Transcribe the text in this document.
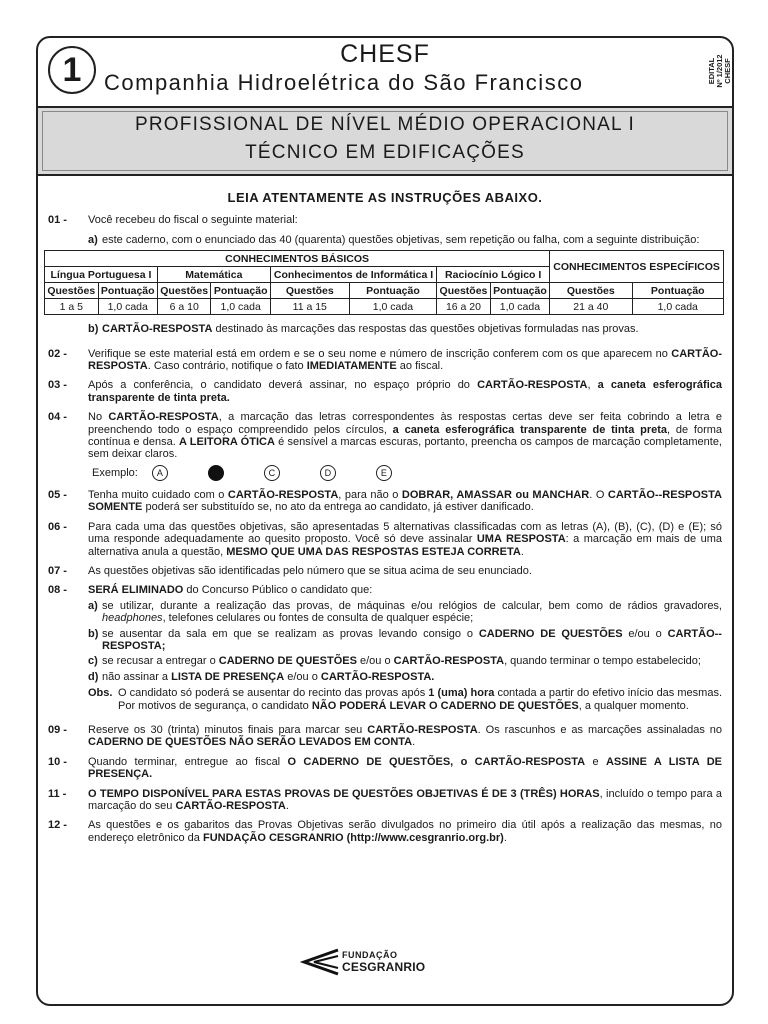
1	CHESF
Companhia Hidroelétrica do São Francisco	EDITAL
Nº 1/2012
CHESF
PROFISSIONAL DE NÍVEL MÉDIO OPERACIONAL I
TÉCNICO EM EDIFICAÇÕES
LEIA ATENTAMENTE AS INSTRUÇÕES ABAIXO.
01 -	Você recebeu do fiscal o seguinte material:
a) este caderno, com o enunciado das 40 (quarenta) questões objetivas, sem repetição ou falha, com a seguinte distribuição:
CONHECIMENTOS BÁSICOS								CONHECIMENTOS ESPECÍFICOS	
Língua Portuguesa I		Matemática		Conhecimentos de Informática I		Raciocínio Lógico I			
Questões	Pontuação	Questões	Pontuação	Questões	Pontuação	Questões	Pontuação	Questões	Pontuação
1 a 5	1,0 cada	6 a 10	1,0 cada	11 a 15	1,0 cada	16 a 20	1,0 cada	21 a 40	1,0 cada
b) CARTÃO-RESPOSTA destinado às marcações das respostas das questões objetivas formuladas nas provas.
02 -	Verifique se este material está em ordem e se o seu nome e número de inscrição conferem com os que aparecem no CARTÃO-RESPOSTA. Caso contrário, notifique o fato IMEDIATAMENTE ao fiscal.
03 -	Após a conferência, o candidato deverá assinar, no espaço próprio do CARTÃO-RESPOSTA, a caneta esferográfica transparente de tinta preta.
04 -	No CARTÃO-RESPOSTA, a marcação das letras correspondentes às respostas certas deve ser feita cobrindo a letra e preenchendo todo o espaço compreendido pelos círculos, a caneta esferográfica transparente de tinta preta, de forma contínua e densa. A LEITORA ÓTICA é sensível a marcas escuras, portanto, preencha os campos de marcação completamente, sem deixar claros.
Exemplo:	A	C	D	E
05 -	Tenha muito cuidado com o CARTÃO-RESPOSTA, para não o DOBRAR, AMASSAR ou MANCHAR. O CARTÃO--RESPOSTA SOMENTE poderá ser substituído se, no ato da entrega ao candidato, já estiver danificado.
06 -	Para cada uma das questões objetivas, são apresentadas 5 alternativas classificadas com as letras (A), (B), (C), (D) e (E); só uma responde adequadamente ao quesito proposto. Você só deve assinalar UMA RESPOSTA: a marcação em mais de uma alternativa anula a questão, MESMO QUE UMA DAS RESPOSTAS ESTEJA CORRETA.
07 -	As questões objetivas são identificadas pelo número que se situa acima de seu enunciado.
08 -	SERÁ ELIMINADO do Concurso Público o candidato que:
a) se utilizar, durante a realização das provas, de máquinas e/ou relógios de calcular, bem como de rádios gravadores, headphones, telefones celulares ou fontes de consulta de qualquer espécie;
b) se ausentar da sala em que se realizam as provas levando consigo o CADERNO DE QUESTÕES e/ou o CARTÃO--RESPOSTA;
c) se recusar a entregar o CADERNO DE QUESTÕES e/ou o CARTÃO-RESPOSTA, quando terminar o tempo estabelecido;
d) não assinar a LISTA DE PRESENÇA e/ou o CARTÃO-RESPOSTA.
Obs. O candidato só poderá se ausentar do recinto das provas após 1 (uma) hora contada a partir do efetivo início das mesmas. Por motivos de segurança, o candidato NÃO PODERÁ LEVAR O CADERNO DE QUESTÕES, a qualquer momento.
09 -	Reserve os 30 (trinta) minutos finais para marcar seu CARTÃO-RESPOSTA. Os rascunhos e as marcações assinaladas no CADERNO DE QUESTÕES NÃO SERÃO LEVADOS EM CONTA.
10 -	Quando terminar, entregue ao fiscal O CADERNO DE QUESTÕES, o CARTÃO-RESPOSTA e ASSINE A LISTA DE PRESENÇA.
11 -	O TEMPO DISPONÍVEL PARA ESTAS PROVAS DE QUESTÕES OBJETIVAS É DE 3 (TRÊS) HORAS, incluído o tempo para a marcação do seu CARTÃO-RESPOSTA.
12 -	As questões e os gabaritos das Provas Objetivas serão divulgados no primeiro dia útil após a realização das mesmas, no endereço eletrônico da FUNDAÇÃO CESGRANRIO (http://www.cesgranrio.org.br).
FUNDAÇÃO
CESGRANRIO
